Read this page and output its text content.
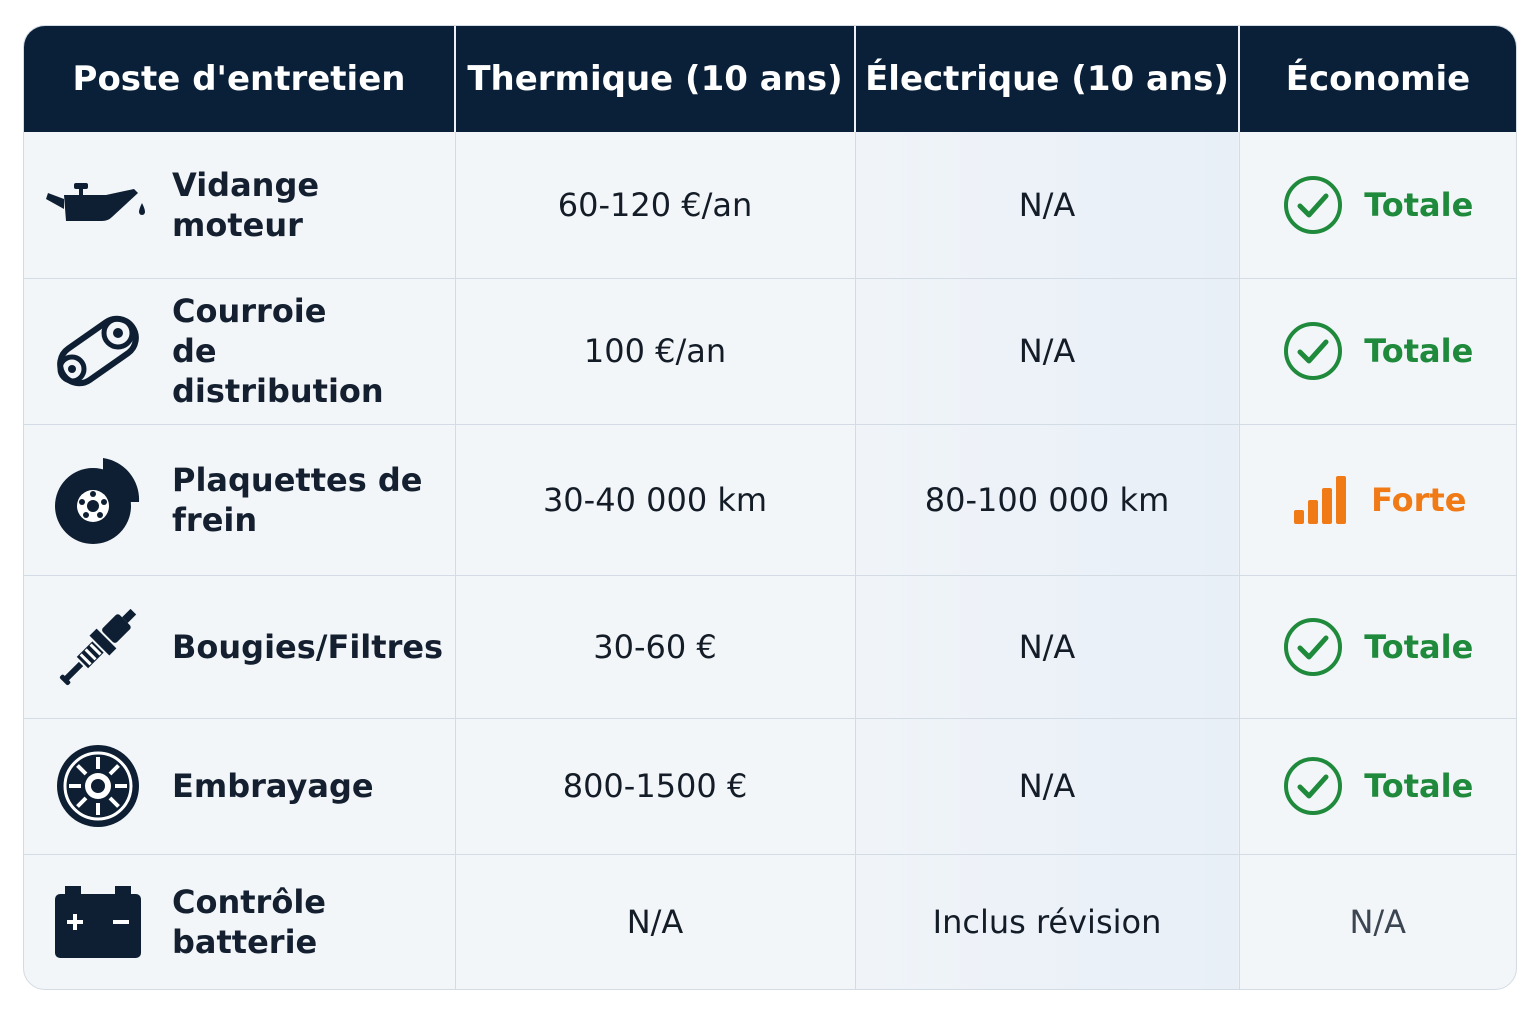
Poste d'entretien	Thermique (10 ans)	Électrique (10 ans)	Économie

Vidange moteur	60-120 €/an	N/A	Totale

Courroie de distribution	100 €/an	N/A	Totale

Plaquettes de frein	30-40 000 km	80-100 000 km	Forte

Bougies/Filtres	30-60 €	N/A	Totale

Embrayage	800-1500 €	N/A	Totale

Contrôle batterie	N/A	Inclus révision	N/A
